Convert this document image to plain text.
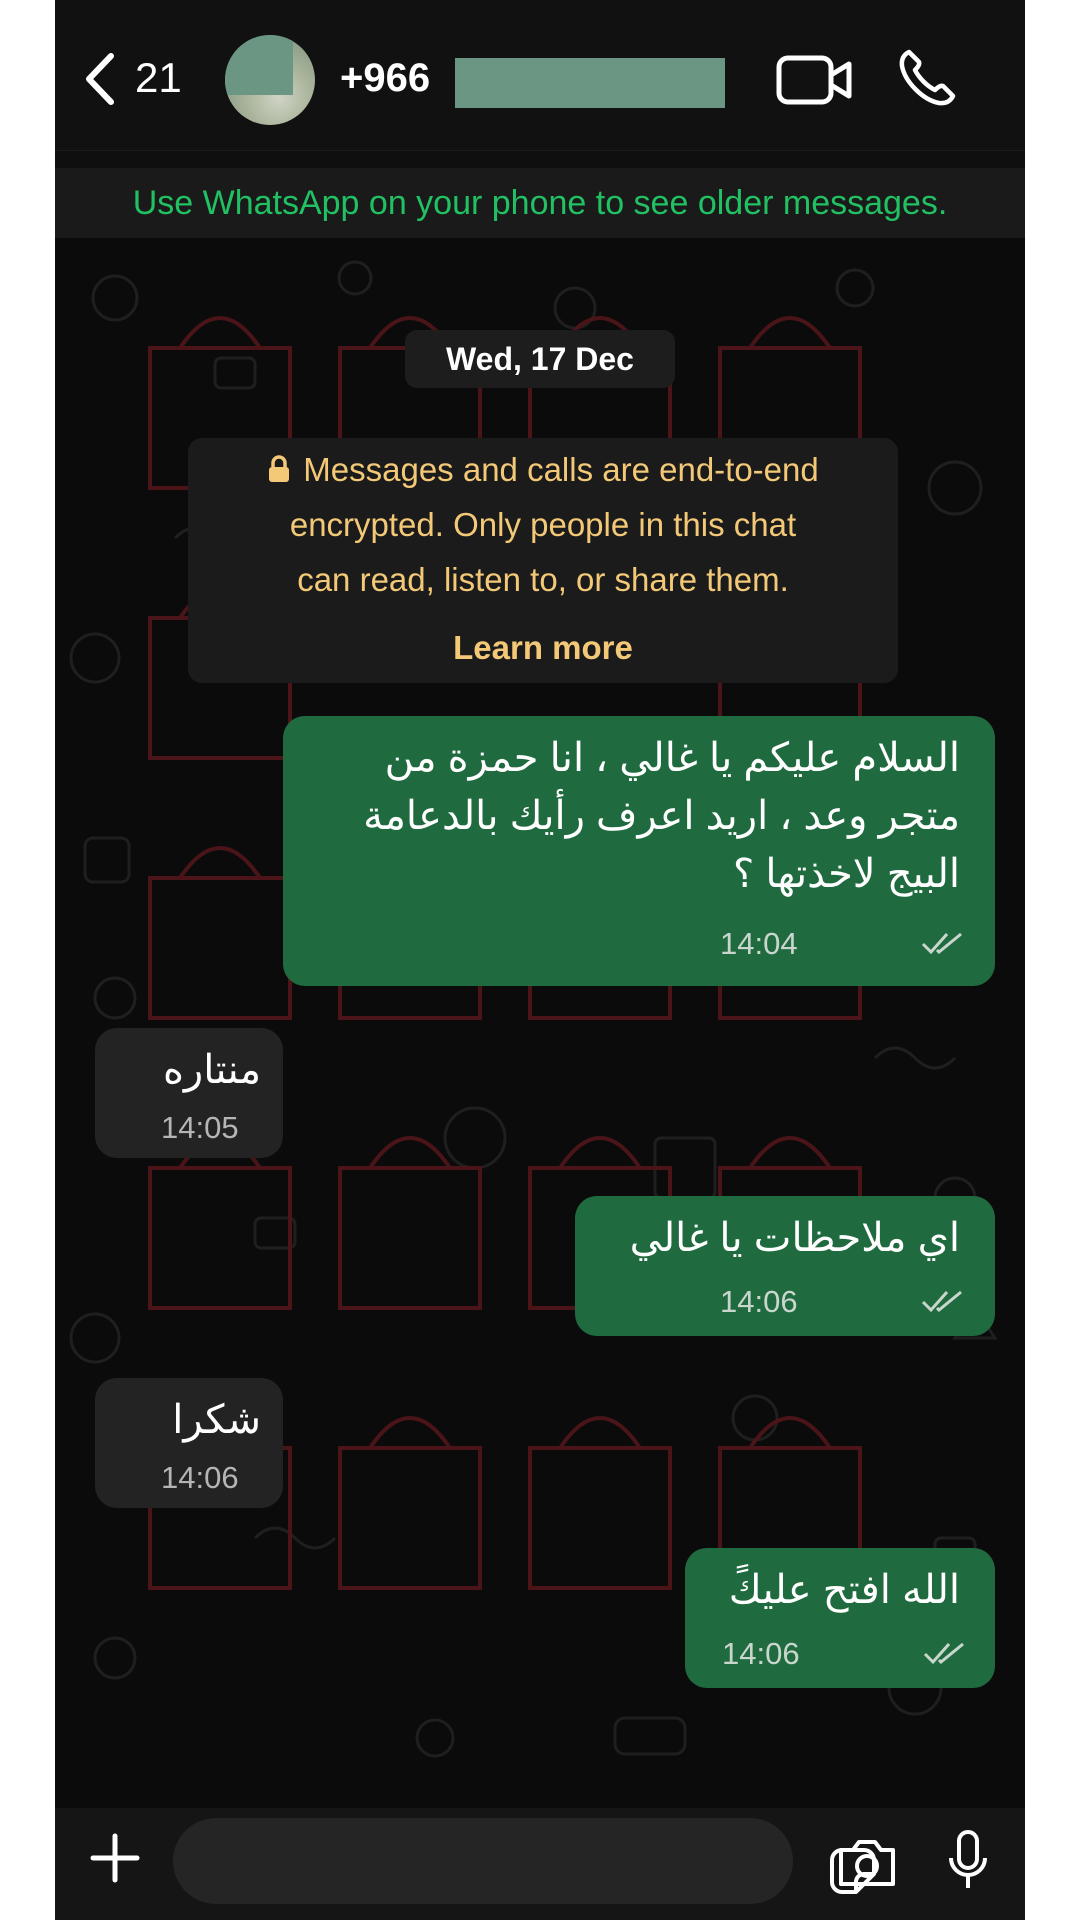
21	+966
Use WhatsApp on your phone to see older messages.
Wed, 17 Dec
Messages and calls are end-to-end
encrypted. Only people in this chat
can read, listen to, or share them.
Learn more
السلام عليكم يا غالي ، انا حمزة من
متجر وعد ، اريد اعرف رأيك بالدعامة
البيج لاخذتها ؟
14:04
منتاره
14:05
اي ملاحظات يا غالي
14:06
شكرا
14:06
الله افتح عليكً
14:06
